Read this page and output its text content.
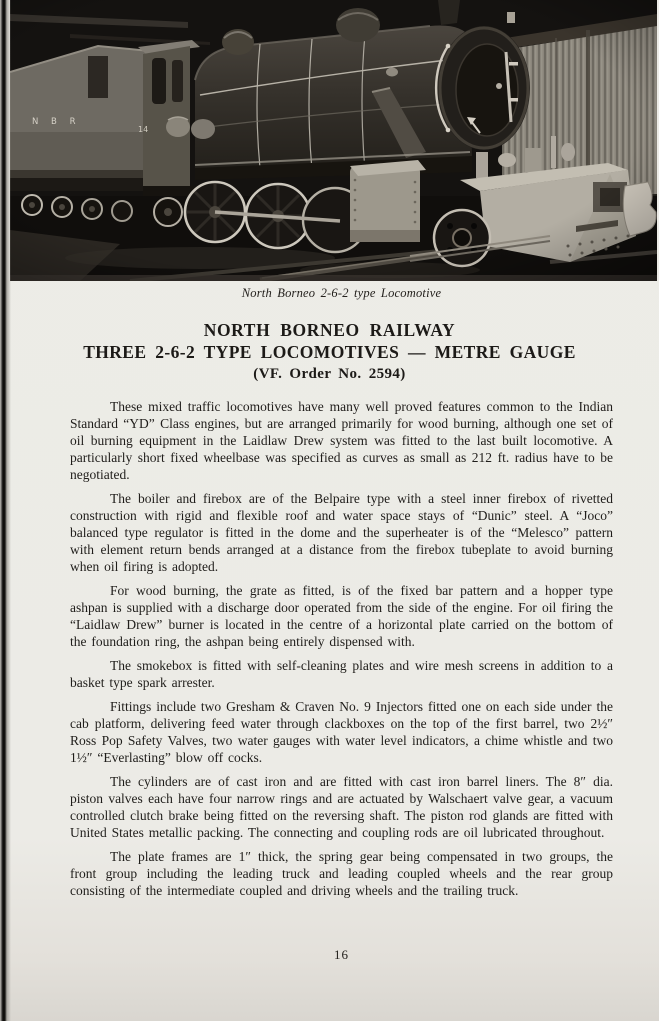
North Borneo 2-6-2 type Locomotive
NORTH BORNEO RAILWAY
THREE 2-6-2 TYPE LOCOMOTIVES — METRE GAUGE
(VF. Order No. 2594)

These mixed traffic locomotives have many well proved features common to the Indian Standard “YD” Class engines, but are arranged primarily for wood burning, although one set of oil burning equipment in the Laidlaw Drew system was fitted to the last built locomotive. A particularly short fixed wheelbase was specified as curves as small as 212 ft. radius have to be negotiated.

The boiler and firebox are of the Belpaire type with a steel inner firebox of rivetted construction with rigid and flexible roof and water space stays of “Dunic” steel. A “Joco” balanced type regulator is fitted in the dome and the superheater is of the “Melesco” pattern with element return bends arranged at a distance from the firebox tubeplate to avoid burning when oil firing is adopted.

For wood burning, the grate as fitted, is of the fixed bar pattern and a hopper type ashpan is supplied with a discharge door operated from the side of the engine. For oil firing the “Laidlaw Drew” burner is located in the centre of a horizontal plate carried on the bottom of the foundation ring, the ashpan being entirely dispensed with.

The smokebox is fitted with self-cleaning plates and wire mesh screens in addition to a basket type spark arrester.

Fittings include two Gresham & Craven No. 9 Injectors fitted one on each side under the cab platform, delivering feed water through clackboxes on the top of the first barrel, two 2½″ Ross Pop Safety Valves, two water gauges with water level indicators, a chime whistle and two 1½″ “Everlasting” blow off cocks.

The cylinders are of cast iron and are fitted with cast iron barrel liners. The 8″ dia. piston valves each have four narrow rings and are actuated by Walschaert valve gear, a vacuum controlled clutch brake being fitted on the reversing shaft. The piston rod glands are fitted with United States metallic packing. The connecting and coupling rods are oil lubricated throughout.

The plate frames are 1″ thick, the spring gear being compensated in two groups, the front group including the leading truck and leading coupled wheels and the rear group consisting of the intermediate coupled and driving wheels and the trailing truck.

16
